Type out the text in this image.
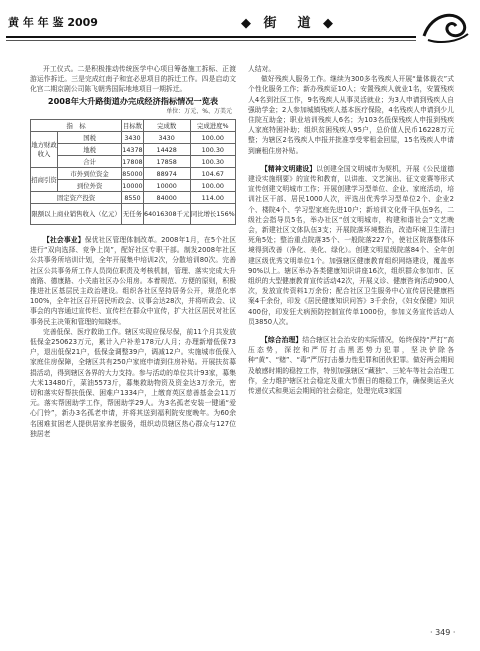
黄 年 年 鉴 2009	◆ 街　道 ◆

开工仪式。二是积极推动传统医学中心项目筹备施工拆标、正渡游运作拆迁。三是完成红南子和宜必思项目的拆迁工作。四是启动文化宫二期京剧公司陈飞朝秀国际地地项目一期拆迁。

2008年大升路街道办完成经济指标情况一览表
单位：万元、%、万美元
指　标		目标数	完成数	完成进度%
地方财政收入	国税	3430	3430	100.00
	地税	14378	14428	100.30
	合计	17808	17858	100.30
招商引资	市外到位资金	85000	88974	104.67
	到位外资	10000	10000	100.00
固定资产投资		8550	84000	114.00
限额以上商业销售收入（亿元）		无任务	64016308千元	同比增长156%

【社会事业】保优社区管理体制改革。2008年1月，在5个社区进行“双向选择、竞争上岗”，配好社区专职干部。制发2008年社区公共事务所培训计划，全年开展集中培训2次，分散培训80次。完善社区公共事务所工作人员岗位职责及考核机制，管理、落实完成大升南路、德康路、小关庙社区办公用房。本着规范、方便的原则，积极推进社区基层民主政治建设。组织各社区坚持居务公开，规范化率100%，全年社区召开居民听政会、议事会达28次，并将听政会、议事会的内容通过宣传栏、宣传栏在群众中宣传，扩大社区居民对社区事务民主决策和管理的知晓率。

完善低保、医疗救助工作。辖区实现应保尽保，前11个月共发放低保金250623万元，累计入户补差178元/人月；办理新增低保73户，退出低保21户，低保金调整39户，调减12户。实施城市低保入家庭住房保障，全辖区共有250户家庭申请到住房补贴。开展扶贫募捐活动，得到辖区各界的大力支持。参与活动的单位共计93家，募集大米13480斤，菜油5573斤，募集救助物资及资金达3万余元，密切和落实好帮扶低保、困难户1334户，上缴育英区慈善基金会11万元。落实帮困助学工作，帮困助学29人。为3名孤老安装一键通“爱心门铃”，新办3名孤老申请，并将其送到福利院安度晚年。为60余名困难贫困老人提供居家养老服务，组织动员辖区热心群众与127位独居老

人结对。

做好残疾人服务工作。继续为300多名残疾人开展“量体裁衣”式个性化服务工作；新办残疾证10人；安置残疾人就业1名，安置残疾人4名到社区工作，9名残疾人从事灵活就业；为3人申请到残疾人自强助学金；2人参加城镇残疾人基本医疗保险，4名残疾人申请到少儿住院互助金；职业培训残疾人6名；为103名低保残疾人申报到残疾人家庭特困补助；组织贫困残疾人95户，总价值人民币16228万元整；为辖区2名残疾人申报并批准享受零租金回屋，15名残疾人申请到廉租住房补贴。

【精神文明建设】以创建全国文明城市为契机，开展《公民道德建设实施纲要》的宣传和教育，以讲座、文艺演出、征文竞赛等形式宣传创建文明城市工作；开展创建学习型单位、企业、家庭活动，培训社区干部、居民1000人次，评选出优秀学习型单位2个、企业2个、楼院4个、学习型家庭先进10户；新培训文化骨干队伍9名，二级社会指导员5名，举办社区“创文明城市，构建和谐社会”文艺晚会，新建社区文体队伍3支；开展院落环境整治，改造环境卫生清扫死角5处；整治重点院落35个、一般院落227个，使社区院落整体环境得到改善（净化、美化、绿化）。创建文明星级院落84个、全年创建区级优秀文明单位1个。加强辖区健康教育组织网络建设，覆盖率90%以上。辖区举办各类健康知识讲座16次，组织群众参加市、区组织的大型健康教育宣传活动42次，开展义诊、健康咨询活动900人次，发放宣传资料1万余份；配合社区卫生服务中心宣传居民健康档案4千余份，印发《居民健康知识问答》3千余份，《妇女保健》知识400份，印发狂犬病预防控制宣传单1000份，参加义务宣传活动人员3850人次。

【综合治理】结合辖区社会治安的实际情况，始终保持“严打”高压态势，深挖和严厉打击黑恶势力犯罪，坚决铲除各种“黄”、“赌”、“毒”严厉打击暴力性犯罪和团伙犯罪。做好两会期间及敏感时期的稳控工作，特别加强辖区“藏独”、三轮车等社会治理工作，全力维护辖区社会稳定及重大节假日的维稳工作，确保奥运圣火传递仪式和奥运会期间的社会稳定，处理完成3家国

· 349 ·
